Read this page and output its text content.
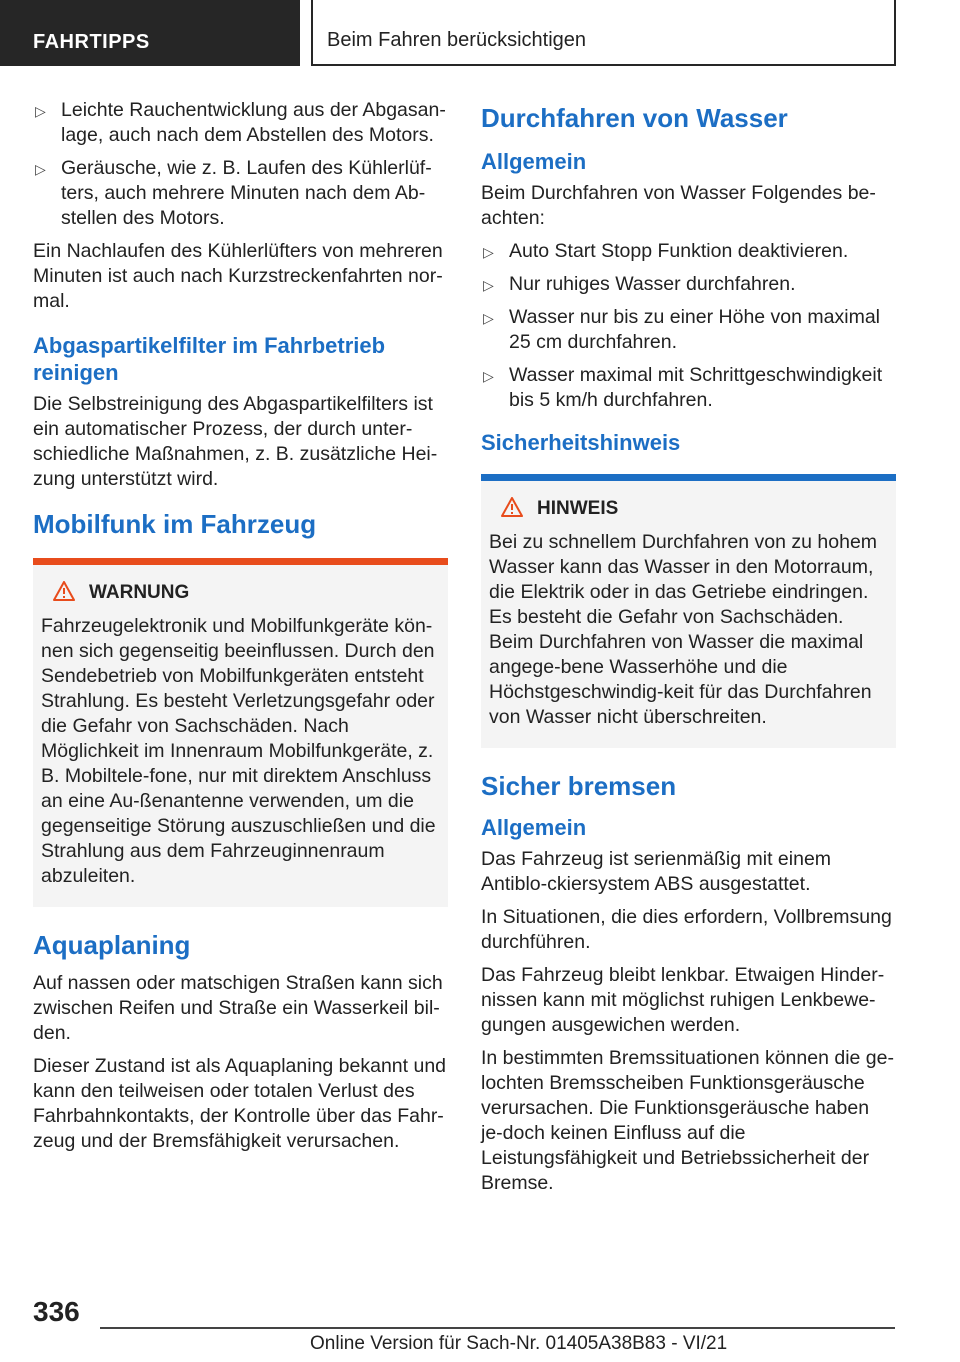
FAHRTIPPS	Beim Fahren berücksichtigen
▷ Leichte Rauchentwicklung aus der Abgasan-lage, auch nach dem Abstellen des Motors.
▷ Geräusche, wie z. B. Laufen des Kühlerlüf-ters, auch mehrere Minuten nach dem Ab-stellen des Motors.

Ein Nachlaufen des Kühlerlüfters von mehreren Minuten ist auch nach Kurzstreckenfahrten nor-mal.

Abgaspartikelfilter im Fahrbetrieb reinigen

Die Selbstreinigung des Abgaspartikelfilters ist ein automatischer Prozess, der durch unter-schiedliche Maßnahmen, z. B. zusätzliche Hei-zung unterstützt wird.

Mobilfunk im Fahrzeug
WARNUNG
Fahrzeugelektronik und Mobilfunkgeräte kön-nen sich gegenseitig beeinflussen. Durch den Sendebetrieb von Mobilfunkgeräten entsteht Strahlung. Es besteht Verletzungsgefahr oder die Gefahr von Sachschäden. Nach Möglichkeit im Innenraum Mobilfunkgeräte, z. B. Mobiltele-fone, nur mit direktem Anschluss an eine Au-ßenantenne verwenden, um die gegenseitige Störung auszuschließen und die Strahlung aus dem Fahrzeuginnenraum abzuleiten.
Aquaplaning

Auf nassen oder matschigen Straßen kann sich zwischen Reifen und Straße ein Wasserkeil bil-den.

Dieser Zustand ist als Aquaplaning bekannt und kann den teilweisen oder totalen Verlust des Fahrbahnkontakts, der Kontrolle über das Fahr-zeug und der Bremsfähigkeit verursachen.

Durchfahren von Wasser
Allgemein

Beim Durchfahren von Wasser Folgendes be-achten:

▷ Auto Start Stopp Funktion deaktivieren.
▷ Nur ruhiges Wasser durchfahren.
▷ Wasser nur bis zu einer Höhe von maximal 25 cm durchfahren.
▷ Wasser maximal mit Schrittgeschwindigkeit bis 5 km/h durchfahren.
Sicherheitshinweis
HINWEIS
Bei zu schnellem Durchfahren von zu hohem Wasser kann das Wasser in den Motorraum, die Elektrik oder in das Getriebe eindringen. Es besteht die Gefahr von Sachschäden. Beim Durchfahren von Wasser die maximal angege-bene Wasserhöhe und die Höchstgeschwindig-keit für das Durchfahren von Wasser nicht überschreiten.
Sicher bremsen
Allgemein

Das Fahrzeug ist serienmäßig mit einem Antiblo-ckiersystem ABS ausgestattet.

In Situationen, die dies erfordern, Vollbremsung durchführen.

Das Fahrzeug bleibt lenkbar. Etwaigen Hinder-nissen kann mit möglichst ruhigen Lenkbewe-gungen ausgewichen werden.

In bestimmten Bremssituationen können die ge-lochten Bremsscheiben Funktionsgeräusche verursachen. Die Funktionsgeräusche haben je-doch keinen Einfluss auf die Leistungsfähigkeit und Betriebssicherheit der Bremse.

336
Online Version für Sach-Nr. 01405A38B83 - VI/21
